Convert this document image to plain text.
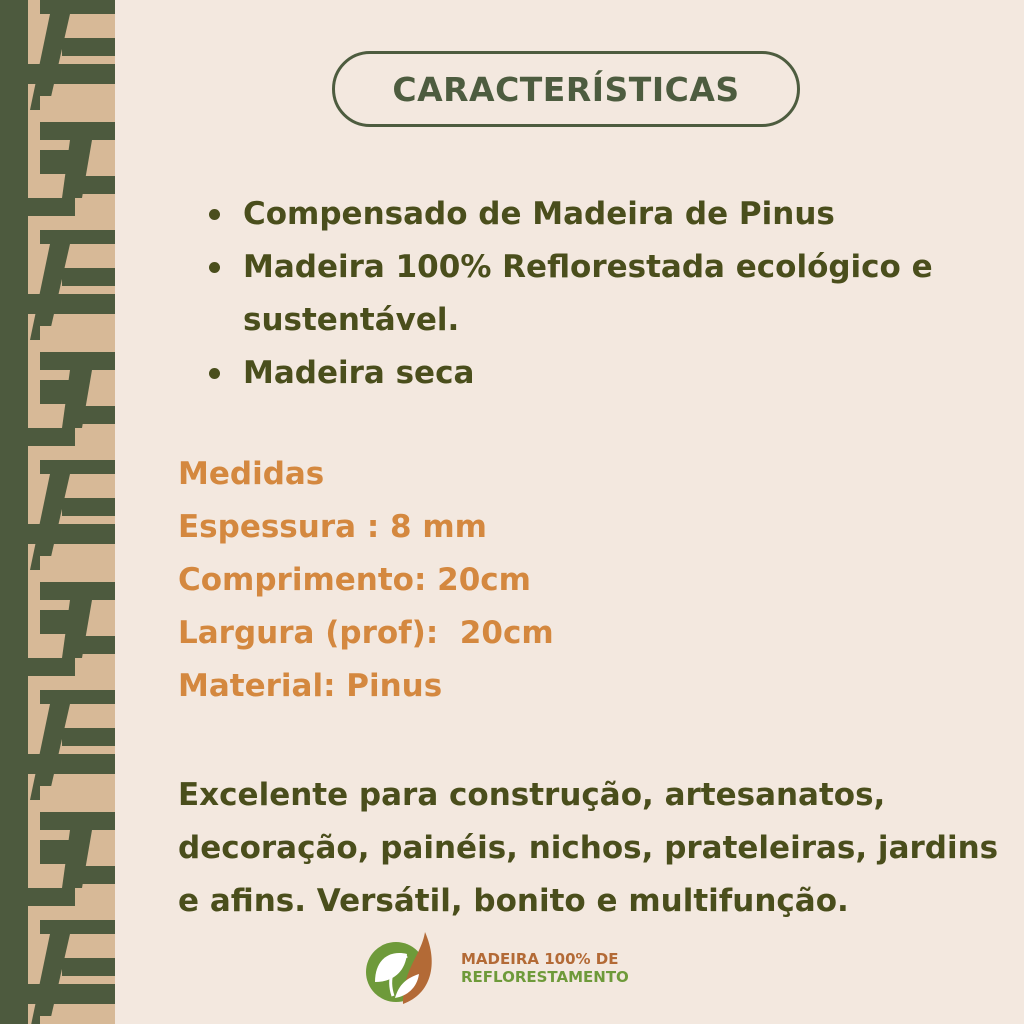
CARACTERÍSTICAS
Compensado de Madeira de Pinus
Madeira 100% Reflorestada ecológico e sustentável.
Madeira seca
Medidas
Espessura : 8 mm
Comprimento: 20cm
Largura (prof):  20cm
Material: Pinus
Excelente para construção, artesanatos, decoração, painéis, nichos, prateleiras, jardins e afins. Versátil, bonito e multifunção.
MADEIRA 100% DE
REFLORESTAMENTO
